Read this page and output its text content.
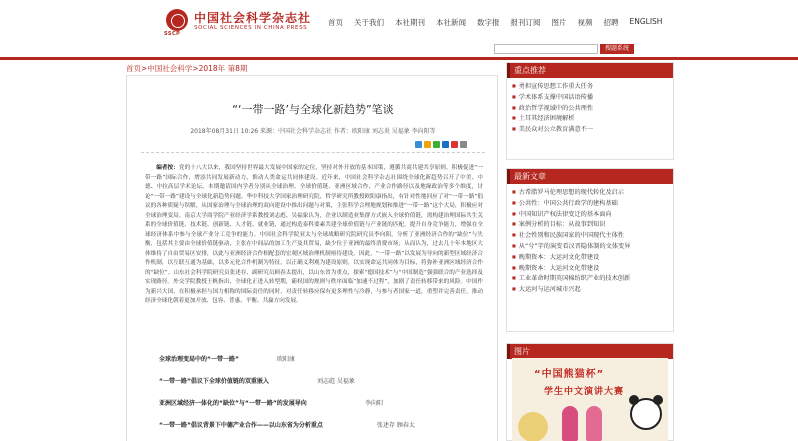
SSCP
中国社会科学杂志社
SOCIAL SCIENCES IN CHINA PRESS
首页 关于我们 本社期刊 本社新闻 数字报 报刊订阅 图片 视频 招聘 ENGLISH
搜题系统
首页>中国社会科学>2018年 第8期
“‘一带一路’与全球化新趋势”笔谈
2018年08月31日 10:26 来源：中国社会科学杂志社 作者：欧阳康 刘志炎 吴福象 李向阳等
编者按：党的十八大以来，我国坚持世界最大发展中国家的定位，坚持对外开放的基本国策，遵循共商共建共享原则，积极促进“一带一路”国际合作，增添共同发展新动力，推动人类命运共同体建设。近年来，中国社会科学杂志社围绕全球化新趋势召开了中美、中德、中拉高层学术论坛。本期邀请国内学者分别从全球治理、全球价值链、亚洲区域合作、产业合作路径以及地缘政治等多个维度，讨论“一带一路”建设与全球化新趋势问题。华中科技大学国家治理研究院、哲学研究所教授欧阳康指出，有针对性地回应了对“一带一路”倡议的各种质疑与误解，从国家治理与全球治理的双向建设中推出问题与对策，主张科学合理地规划和推进“一带一路”这个大局，积极应对全球治理变局。南京大学商学院产业经济学系教授刘志彪、吴福象认为，企业以制造业集群方式嵌入全球价值链，需构建治理国际共生关系的全球价值链、技术链、创新链、人才链、就业链，通过构造泰科要素共建全球价值链与产业链的匹配，提升自身竞争能力，增强在全球经济体系中参与全球产业分工竞争的能力。中国社会科学院亚太与全球战略研究院研究员李向阳，分析了亚洲经济合作的“缺位”与失衡，包括其主要由全球价值链驱动，主张在中间品的加工生产及其贸易，缺少位于亚洲的最终消费市场；从而认为，过去几十年本地区大体维持了自由贸易区安排，以此与亚洲经济合作相配套的宏观区域治理机制亟待建设。因此，“一带一路”以发展为导向的新型区域经济合作机制，以互联互通为基础，以多元化合作机制为特征，以正确义利观为建设原则，以实现命运共同体为目标，将弥补亚洲区域经济合作的“缺位”。山东社会科学院研究员张述存、副研究员顾春太提出，以山东省为重点，探索“德国技术”与“中国制造”强强联合的产业选择及实现路径。外交学院教授王帆指出，全球化正进入转型期，霸权国的规则与秩序面临“加速不过程”，加剧了责任转移带来的风险。中国作为新兴大国，在积极承担与国力相称的国际责任的同时，对责任转移应保有更多理性与冷静，与参与者国家一道，重塑并完善责任，推动经济全球化朝着更加开放、包容、普惠、平衡、共赢方向发展。
全球治理变局中的“一带一路”	欧阳康
“一带一路”倡议下全球价值链的双重嵌入	刘志彪 吴福象
亚洲区域经济一体化的“缺位”与“一带一路”的发展导向	李向阳
“一带一路”倡议背景下中德产业合作——以山东省为分析重点	张述存 顾春太
重点推荐
■ 勇担宣传思想工作重大任务
■ 学术体系支撑中国话语传播
■ 政治哲学视域中的公共理性
■ 土耳其经济困境解析
■ 美民众对公立教育满意不一
最新文章
■ 古希腊罗马伦理思想的现代转化及启示
■ 公共性：中国公共行政学的建构基础
■ 中国知识产权法律变迁的基本面向
■ 案例分析的目标：从故事到知识
■ 社会性别和民族国家的中国现代主体性
■ 从“兮”字的演变看汉晋隐体制的文体变异
■ 晚期资本：大运河文化带建设
■ 晚期资本：大运河文化带建设
■ 工业革命时期英国棉纺织产业的技术创新
■ 大运河与运河城市兴起
图片
“中国熊猫杯”
学生中文演讲大赛
